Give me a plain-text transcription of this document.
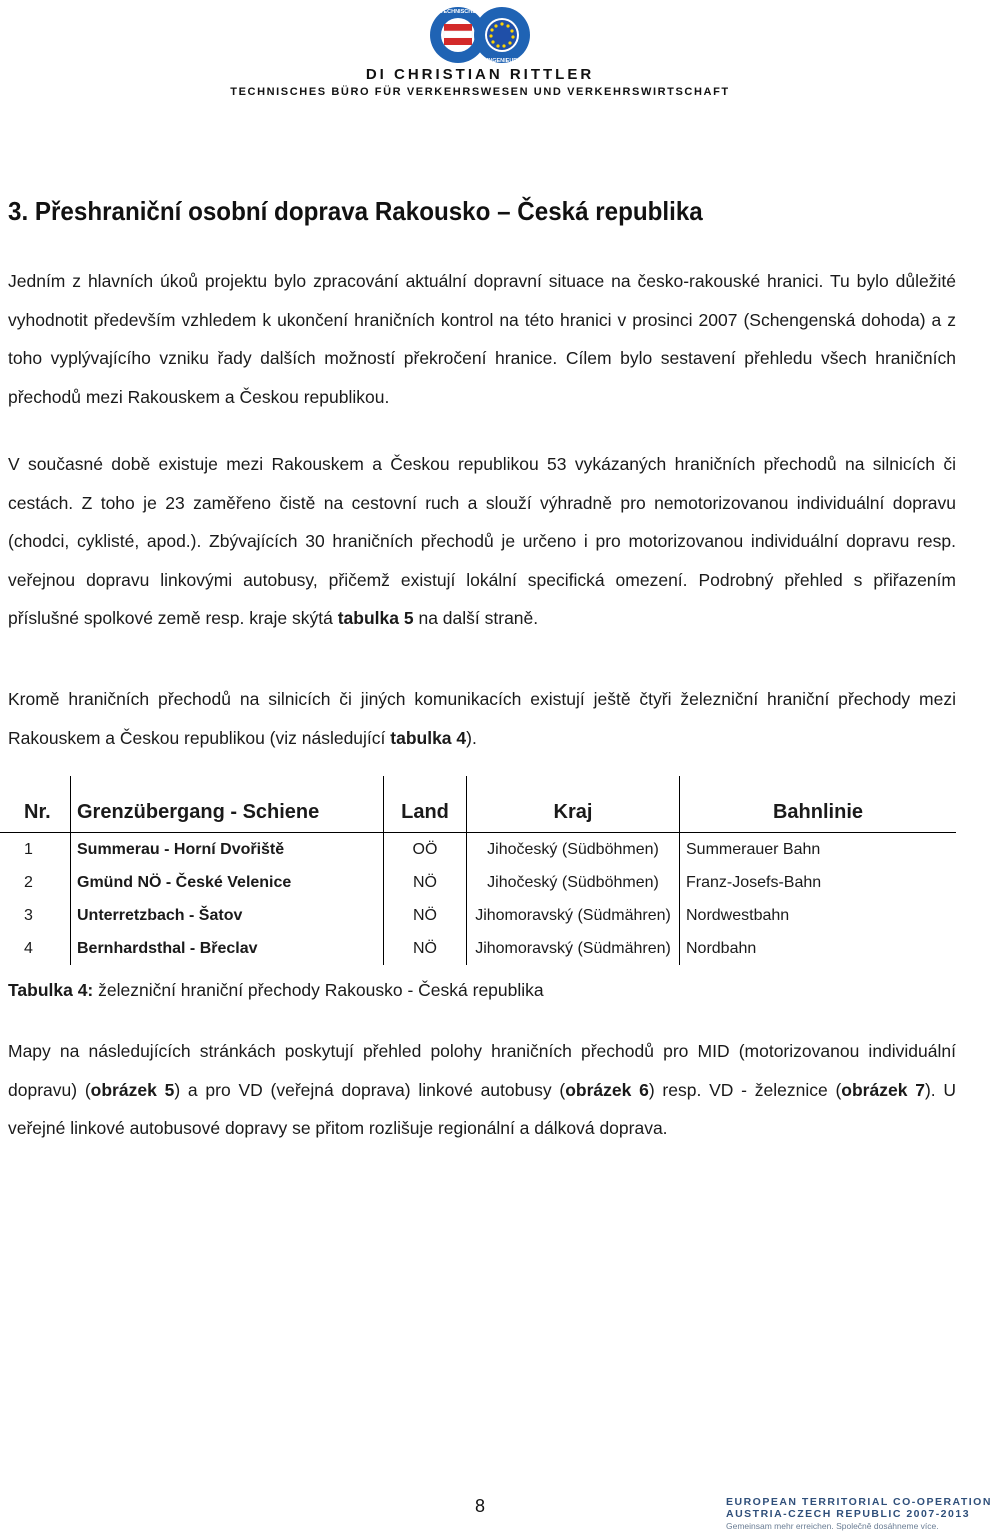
TECHNISCHE
INGENIEUR
DI CHRISTIAN RITTLER
TECHNISCHES BÜRO FÜR VERKEHRSWESEN UND VERKEHRSWIRTSCHAFT
3. Přeshraniční osobní doprava Rakousko – Česká republika

Jedním z hlavních úkoů projektu bylo zpracování aktuální dopravní situace na česko-rakouské hranici. Tu bylo důležité vyhodnotit především vzhledem k ukončení hraničních kontrol na této hranici v prosinci 2007 (Schengenská dohoda) a z toho vyplývajícího vzniku řady dalších možností překročení hranice. Cílem bylo sestavení přehledu všech hraničních přechodů mezi Rakouskem a Českou republikou.

V současné době existuje mezi Rakouskem a Českou republikou 53 vykázaných hraničních přechodů na silnicích či cestách. Z toho je 23 zaměřeno čistě na cestovní ruch a slouží výhradně pro nemotorizovanou individuální dopravu (chodci, cyklisté, apod.). Zbývajících 30 hraničních přechodů je určeno i pro motorizovanou individuální dopravu resp. veřejnou dopravu linkovými autobusy, přičemž existují lokální specifická omezení. Podrobný přehled s přiřazením příslušné spolkové země resp. kraje skýtá tabulka 5 na další straně.

Kromě hraničních přechodů na silnicích či jiných komunikacích existují ještě čtyři železniční hraniční přechody mezi Rakouskem a Českou republikou (viz následující tabulka 4).

Nr.	Grenzübergang - Schiene	Land	Kraj	Bahnlinie
1	Summerau - Horní Dvořiště	OÖ	Jihočeský (Südböhmen)	Summerauer Bahn
2	Gmünd NÖ - České Velenice	NÖ	Jihočeský (Südböhmen)	Franz-Josefs-Bahn
3	Unterretzbach - Šatov	NÖ	Jihomoravský (Südmähren)	Nordwestbahn
4	Bernhardsthal - Břeclav	NÖ	Jihomoravský (Südmähren)	Nordbahn

Tabulka 4: železniční hraniční přechody Rakousko - Česká republika

Mapy na následujících stránkách poskytují přehled polohy hraničních přechodů pro MID (motorizovanou individuální dopravu) (obrázek 5) a pro VD (veřejná doprava) linkové autobusy (obrázek 6) resp. VD - železnice (obrázek 7). U veřejné linkové autobusové dopravy se přitom rozlišuje regionální a dálková doprava.

8	EUROPEAN TERRITORIAL CO-OPERATION
AUSTRIA-CZECH REPUBLIC 2007-2013
Gemeinsam mehr erreichen. Společně dosáhneme více.
